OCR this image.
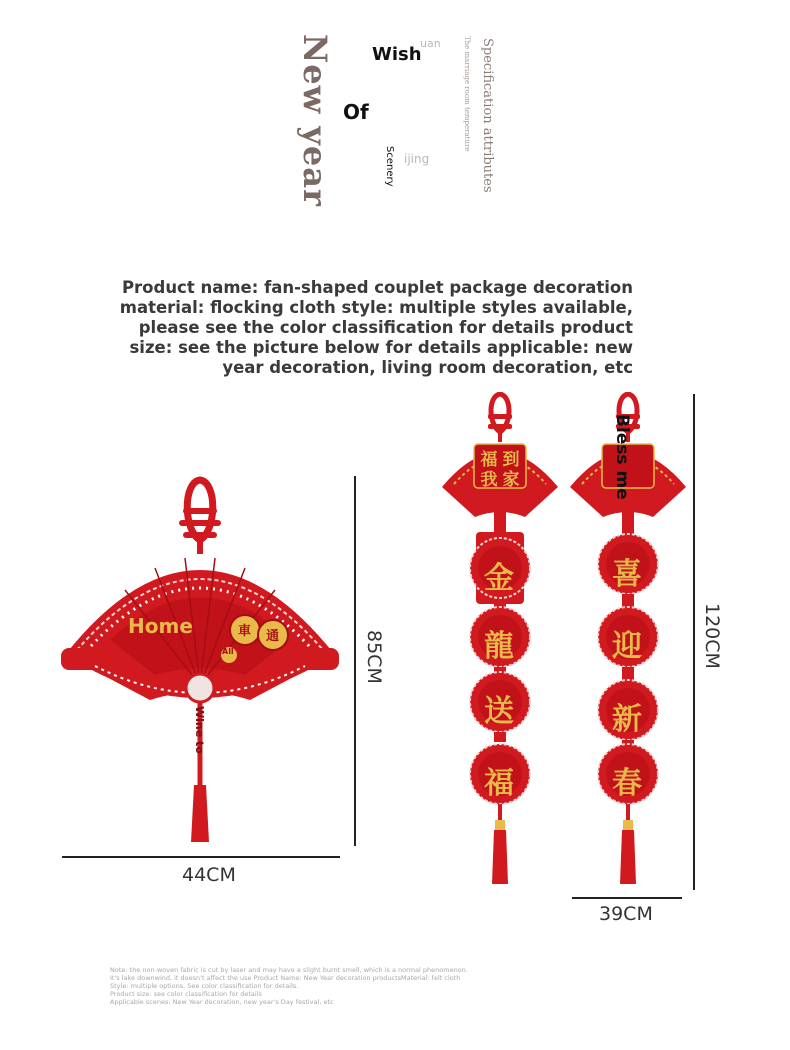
New year Wish
uan
Of
Scenery ijing	Specification attributes
The marriage room temperature
Product name: fan-shaped couplet package decoration
material: flocking cloth style: multiple styles available,
please see the color classification for details product
size: see the picture below for details applicable: new
year decoration, living room decoration, etc
Home	車 通
All
Wine to
85CM
44CM
福 到
我 家
金
龍
送
福
Bless me
喜
迎
新
春
120CM
39CM
Note: the non-woven fabric is cut by laser and may have a slight burnt smell, which is a normal phenomenon.
It's lake downwind, it doesn't affect the use Product Name: New Year decoration productsMaterial: felt cloth
Style: multiple options. See color classification for details.
Product size: see color classification for details
Applicable scenes: New Year decoration, new year's Day festival, etc
